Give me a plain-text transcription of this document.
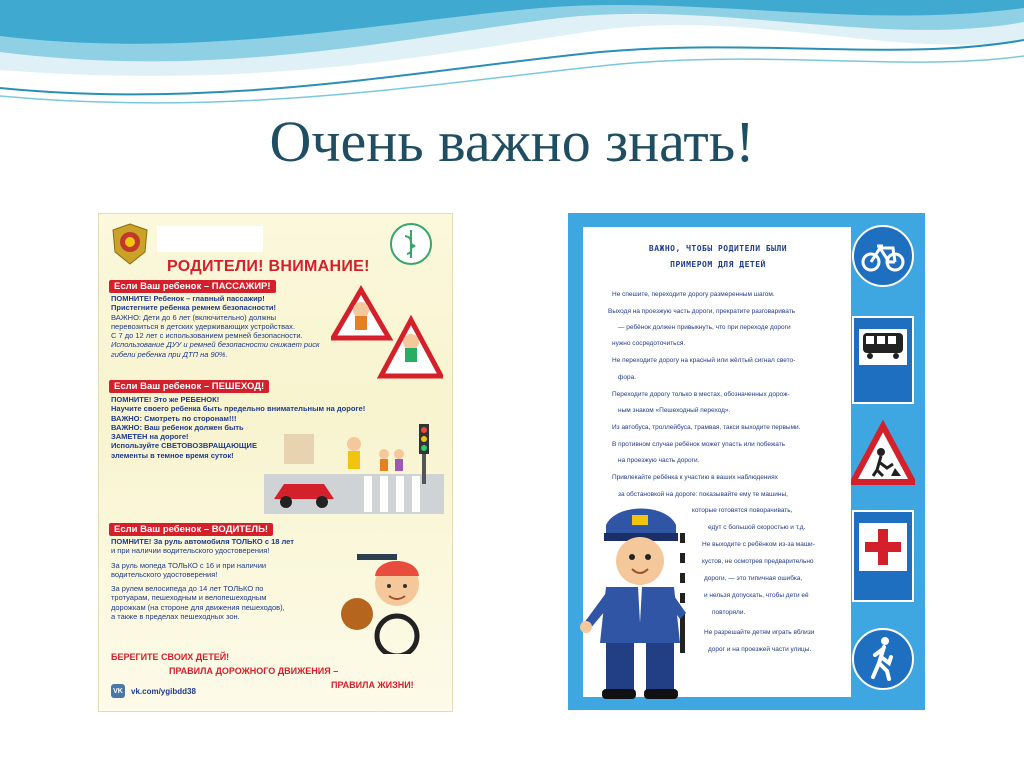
Очень важно знать!
РОДИТЕЛИ! ВНИМАНИЕ!
Если Ваш ребенок – ПАССАЖИР!
ПОМНИТЕ! Ребенок – главный пассажир!
Пристегните ребенка ремнем безопасности!
ВАЖНО: Дети до 6 лет (включительно) должны
перевозиться в детских удерживающих устройствах.
С 7 до 12 лет с использованием ремней безопасности.
Использование ДУУ и ремней безопасности снижает риск
гибели ребенка при ДТП на 90%.
Если Ваш ребенок – ПЕШЕХОД!
ПОМНИТЕ! Это же РЕБЕНОК!
Научите своего ребенка быть предельно внимательным на дороге!
ВАЖНО: Смотреть по сторонам!!!
ВАЖНО: Ваш ребенок должен быть
ЗАМЕТЕН на дороге!
Используйте СВЕТОВОЗВРАЩАЮЩИЕ
элементы в темное время суток!
Если Ваш ребенок – ВОДИТЕЛЬ!
ПОМНИТЕ! За руль автомобиля ТОЛЬКО с 18 лет
и при наличии водительского удостоверения!
За руль мопеда ТОЛЬКО с 16 и при наличии
водительского удостоверения!
За рулем велосипеда до 14 лет ТОЛЬКО по
тротуарам, пешеходным и велопешеходным
дорожкам (на стороне для движения пешеходов),
а также в пределах пешеходных зон.
БЕРЕГИТЕ СВОИХ ДЕТЕЙ!
ПРАВИЛА ДОРОЖНОГО ДВИЖЕНИЯ –
ПРАВИЛА ЖИЗНИ!
VK vk.com/ygibdd38
ВАЖНО, ЧТОБЫ РОДИТЕЛИ БЫЛИ
ПРИМЕРОМ ДЛЯ ДЕТЕЙ
Не спешите, переходите дорогу размеренным шагом.
Выходя на проезжую часть дороги, прекратите разговаривать
— ребёнок должен привыкнуть, что при переходе дороги
нужно сосредоточиться.
Не переходите дорогу на красный или жёлтый сигнал свето-
фора.
Переходите дорогу только в местах, обозначенных дорож-
ным знаком «Пешеходный переход».
Из автобуса, троллейбуса, трамвая, такси выходите первыми.
В противном случае ребёнок может упасть или побежать
на проезжую часть дороги.
Привлекайте ребёнка к участию в ваших наблюдениях
за обстановкой на дороге: показывайте ему те машины,
которые готовятся поворачивать,
едут с большой скоростью и т.д.
Не выходите с ребёнком из-за маши-
кустов, не осмотрев предварительно
дороги, — это типичная ошибка,
и нельзя допускать, чтобы дети её
повторяли.
Не разрешайте детям играть вблизи
дорог и на проезжей части улицы.
